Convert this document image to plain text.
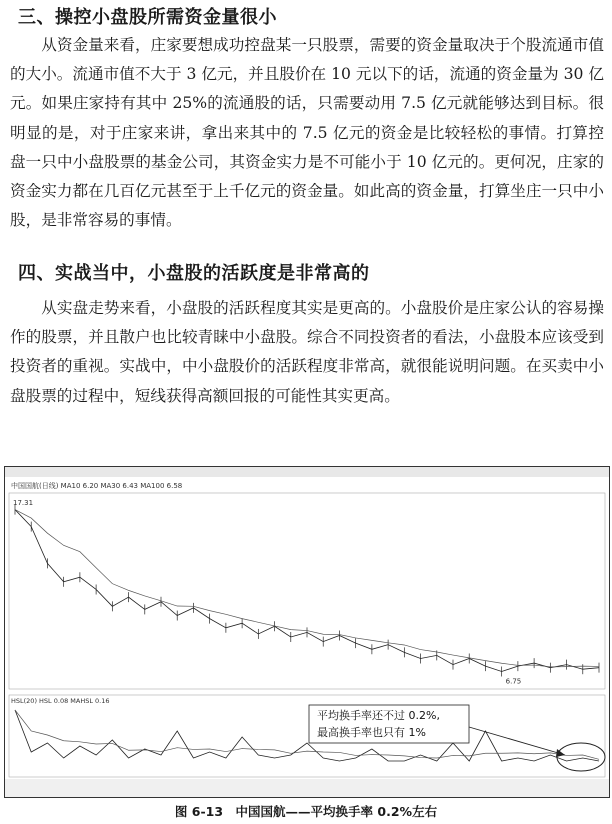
三、操控小盘股所需资金量很小

从资金量来看，庄家要想成功控盘某一只股票，需要的资金量取决于个股流通市值的大小。流通市值不大于 3 亿元，并且股价在 10 元以下的话，流通的资金量为 30 亿元。如果庄家持有其中 25%的流通股的话，只需要动用 7.5 亿元就能够达到目标。很明显的是，对于庄家来讲，拿出来其中的 7.5 亿元的资金是比较轻松的事情。打算控盘一只中小盘股票的基金公司，其资金实力是不可能小于 10 亿元的。更何况，庄家的资金实力都在几百亿元甚至于上千亿元的资金量。如此高的资金量，打算坐庄一只中小股，是非常容易的事情。

四、实战当中，小盘股的活跃度是非常高的

从实盘走势来看，小盘股的活跃程度其实是更高的。小盘股价是庄家公认的容易操作的股票，并且散户也比较青睐中小盘股。综合不同投资者的看法，小盘股本应该受到投资者的重视。实战中，中小盘股价的活跃程度非常高，就很能说明问题。在买卖中小盘股票的过程中，短线获得高额回报的可能性其实更高。

中国国航(日线) MA10 6.20 MA30 6.43 MA100 6.58
17.31
6.75
HSL(20) HSL 0.08 MAHSL 0.16
平均换手率还不过 0.2%,
最高换手率也只有 1%
图 6-13　中国国航——平均换手率 0.2%左右
